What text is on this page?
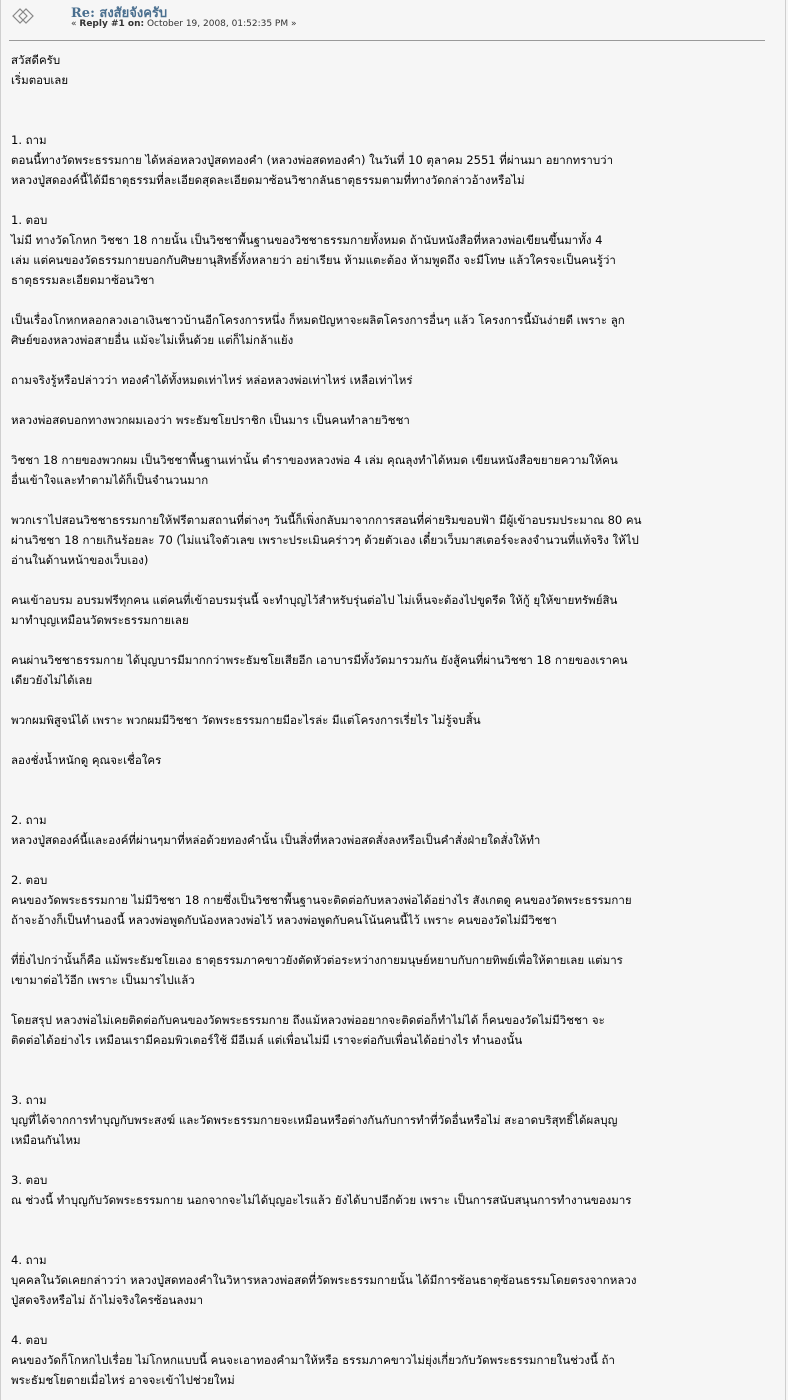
Re: สงสัยจังครับ
« Reply #1 on: October 19, 2008, 01:52:35 PM »
สวัสดีครับ
เริ่มตอบเลย
1. ถาม
ตอนนี้ทางวัดพระธรรมกาย ได้หล่อหลวงปู่สดทองคำ (หลวงพ่อสดทองคำ) ในวันที่ 10 ตุลาคม 2551 ที่ผ่านมา อยากทราบว่า
หลวงปู่สดองค์นี้ได้มีธาตุธรรมที่ละเอียดสุดละเอียดมาซ้อนวิชากลันธาตุธรรมตามที่ทางวัดกล่าวอ้างหรือไม่
1. ตอบ
ไม่มี ทางวัดโกหก วิชชา 18 กายนั้น เป็นวิชชาพื้นฐานของวิชชาธรรมกายทั้งหมด ถ้านับหนังสือที่หลวงพ่อเขียนขึ้นมาทั้ง 4
เล่ม แต่คนของวัดธรรมกายบอกกับศิษยานุสิทธิ์ทั้งหลายว่า อย่าเรียน ห้ามแตะต้อง ห้ามพูดถึง จะมีโทษ แล้วใครจะเป็นคนรู้ว่า
ธาตุธรรมละเอียดมาซ้อนวิชา
เป็นเรื่องโกหกหลอกลวงเอาเงินชาวบ้านอีกโครงการหนึ่ง ก็หมดปัญหาจะผลิตโครงการอื่นๆ แล้ว โครงการนี้มันง่ายดี เพราะ ลูก
ศิษย์ของหลวงพ่อสายอื่น แม้จะไม่เห็นด้วย แต่ก็ไม่กล้าแย้ง
ถามจริงรู้หรือปล่าวว่า ทองคำได้ทั้งหมดเท่าไหร่ หล่อหลวงพ่อเท่าไหร่ เหลือเท่าไหร่
หลวงพ่อสดบอกทางพวกผมเองว่า พระธัมชโยปราชิก เป็นมาร เป็นคนทำลายวิชชา
วิชชา 18 กายของพวกผม เป็นวิชชาพื้นฐานเท่านั้น ตำราของหลวงพ่อ 4 เล่ม คุณลุงทำได้หมด เขียนหนังสือขยายความให้คน
อื่นเข้าใจและทำตามได้ก็เป็นจำนวนมาก
พวกเราไปสอนวิชชาธรรมกายให้ฟรีตามสถานที่ต่างๆ วันนี้ก็เพิ่งกลับมาจากการสอนที่ค่ายริมขอบฟ้า มีผู้เข้าอบรมประมาณ 80 คน
ผ่านวิชชา 18 กายเกินร้อยละ 70 (ไม่แน่ใจตัวเลข เพราะประเมินคร่าวๆ ด้วยตัวเอง เดี๋ยวเว็บมาสเตอร์จะลงจำนวนที่แท้จริง ให้ไป
อ่านในด้านหน้าของเว็บเอง)
คนเข้าอบรม อบรมฟรีทุกคน แต่คนที่เข้าอบรมรุ่นนี้ จะทำบุญไว้สำหรับรุ่นต่อไป ไม่เห็นจะต้องไปขูดรีด ให้กู้ ยุให้ขายทรัพย์สิน
มาทำบุญเหมือนวัดพระธรรมกายเลย
คนผ่านวิชชาธรรมกาย ได้บุญบารมีมากกว่าพระธัมชโยเสียอีก เอาบารมีทั้งวัดมารวมกัน ยังสู้คนที่ผ่านวิชชา 18 กายของเราคน
เดียวยังไม่ได้เลย
พวกผมพิสูจน์ได้ เพราะ พวกผมมีวิชชา วัดพระธรรมกายมีอะไรล่ะ มีแต่โครงการเรี่ยไร ไม่รู้จบสิ้น
ลองชั่งน้ำหนักดู คุณจะเชื่อใคร
2. ถาม
หลวงปู่สดองค์นี้และองค์ที่ผ่านๆมาที่หล่อด้วยทองคำนั้น เป็นสิ่งที่หลวงพ่อสดสั่งลงหรือเป็นคำสั่งฝ่ายใดสั่งให้ทำ
2. ตอบ
คนของวัดพระธรรมกาย ไม่มีวิชชา 18 กายซึ่งเป็นวิชชาพื้นฐานจะติดต่อกับหลวงพ่อได้อย่างไร สังเกตดู คนของวัดพระธรรมกาย
ถ้าจะอ้างก็เป็นทำนองนี้ หลวงพ่อพูดกับน้องหลวงพ่อไว้ หลวงพ่อพูดกับคนโน้นคนนี้ไว้ เพราะ คนของวัดไม่มีวิชชา
ที่ยิ่งไปกว่านั้นก็คือ แม้พระธัมชโยเอง ธาตุธรรมภาคขาวยังตัดหัวต่อระหว่างกายมนุษย์หยาบกับกายทิพย์เพื่อให้ตายเลย แต่มาร
เขามาต่อไว้อีก เพราะ เป็นมารไปแล้ว
โดยสรุป หลวงพ่อไม่เคยติดต่อกับคนของวัดพระธรรมกาย ถึงแม้หลวงพ่ออยากจะติดต่อก็ทำไม่ได้ ก็คนของวัดไม่มีวิชชา จะ
ติดต่อได้อย่างไร เหมือนเรามีคอมพิวเตอร์ใช้ มีอีเมล์ แต่เพื่อนไม่มี เราจะต่อกับเพื่อนได้อย่างไร ทำนองนั้น
3. ถาม
บุญที่ได้จากการทำบุญกับพระสงฆ์ และวัดพระธรรมกายจะเหมือนหรือต่างกันกับการทำที่วัดอื่นหรือไม่ สะอาดบริสุทธิ์ได้ผลบุญ
เหมือนกันไหม
3. ตอบ
ณ ช่วงนี้ ทำบุญกับวัดพระธรรมกาย นอกจากจะไม่ได้บุญอะไรแล้ว ยังได้บาปอีกด้วย เพราะ เป็นการสนับสนุนการทำงานของมาร
4. ถาม
บุคคลในวัดเคยกล่าวว่า หลวงปู่สดทองคำในวิหารหลวงพ่อสดที่วัดพระธรรมกายนั้น ได้มีการซ้อนธาตุซ้อนธรรมโดยตรงจากหลวง
ปู่สดจริงหรือไม่ ถ้าไม่จริงใครซ้อนลงมา
4. ตอบ
คนของวัดก็โกหกไปเรื่อย ไม่โกหกแบบนี้ คนจะเอาทองคำมาให้หรือ ธรรมภาคขาวไม่ยุ่งเกี่ยวกับวัดพระธรรมกายในช่วงนี้ ถ้า
พระธัมชโยตายเมื่อไหร่ อาจจะเข้าไปช่วยใหม่
